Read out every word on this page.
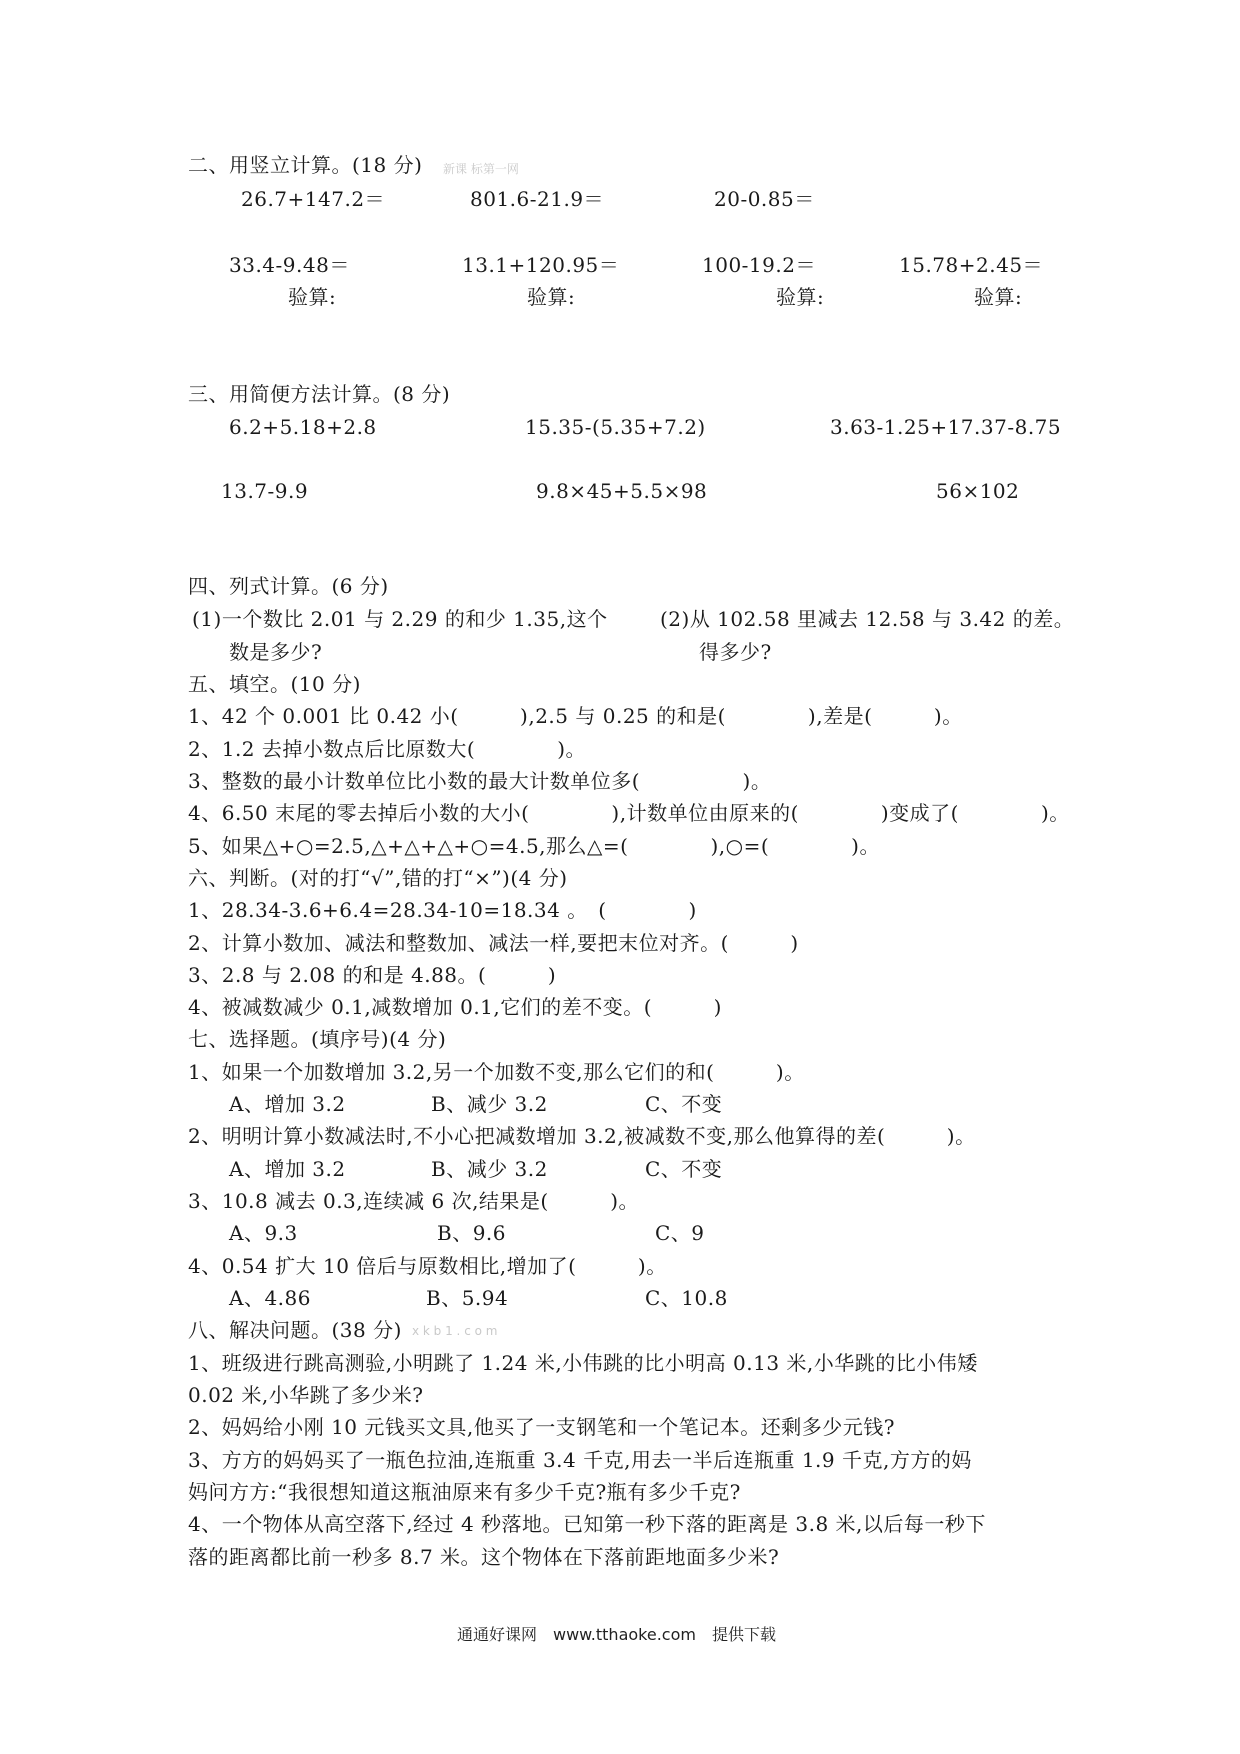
二、用竖立计算。(18 分) 新课 标第一网
26.7+147.2＝	801.6-21.9＝	20-0.85＝
33.4-9.48＝	13.1+120.95＝	100-19.2＝	15.78+2.45＝
验算:	验算:	验算:	验算:
三、用简便方法计算。(8 分)
6.2+5.18+2.8	15.35-(5.35+7.2)	3.63-1.25+17.37-8.75
13.7-9.9	9.8×45+5.5×98	56×102
四、列式计算。(6 分)
(1)一个数比 2.01 与 2.29 的和少 1.35,这个
数是多少?
(2)从 102.58 里减去 12.58 与 3.42 的差。
得多少?
五、填空。(10 分)
1、42 个 0.001 比 0.42 小(　　　),2.5 与 0.25 的和是(　　　　),差是(　　　)。
2、1.2 去掉小数点后比原数大(　　　　)。
3、整数的最小计数单位比小数的最大计数单位多(　　　　　)。
4、6.50 末尾的零去掉后小数的大小(　　　　),计数单位由原来的(　　　　)变成了(　　　　)。
5、如果△+○=2.5,△+△+△+○=4.5,那么△=(　　　　),○=(　　　　)。
六、判断。(对的打“√”,错的打“×”)(4 分)
1、28.34-3.6+6.4=28.34-10=18.34 。　(　　　　)
2、计算小数加、减法和整数加、减法一样,要把末位对齐。(　　　)
3、2.8 与 2.08 的和是 4.88。(　　　)
4、被减数减少 0.1,减数增加 0.1,它们的差不变。(　　　)
七、选择题。(填序号)(4 分)
1、如果一个加数增加 3.2,另一个加数不变,那么它们的和(　　　)。
A、增加 3.2	B、减少 3.2	C、不变
2、明明计算小数减法时,不小心把减数增加 3.2,被减数不变,那么他算得的差(　　　)。
A、增加 3.2	B、减少 3.2	C、不变
3、10.8 减去 0.3,连续减 6 次,结果是(　　　)。
A、9.3	B、9.6	C、9
4、0.54 扩大 10 倍后与原数相比,增加了(　　　)。
A、4.86	B、5.94	C、10.8
八、解决问题。(38 分) x k b 1 . c o m
1、班级进行跳高测验,小明跳了 1.24 米,小伟跳的比小明高 0.13 米,小华跳的比小伟矮
0.02 米,小华跳了多少米?
2、妈妈给小刚 10 元钱买文具,他买了一支钢笔和一个笔记本。还剩多少元钱?
3、方方的妈妈买了一瓶色拉油,连瓶重 3.4 千克,用去一半后连瓶重 1.9 千克,方方的妈
妈问方方:“我很想知道这瓶油原来有多少千克?瓶有多少千克?
4、一个物体从高空落下,经过 4 秒落地。已知第一秒下落的距离是 3.8 米,以后每一秒下
落的距离都比前一秒多 8.7 米。这个物体在下落前距地面多少米?
通通好课网　www.tthaoke.com　提供下载
